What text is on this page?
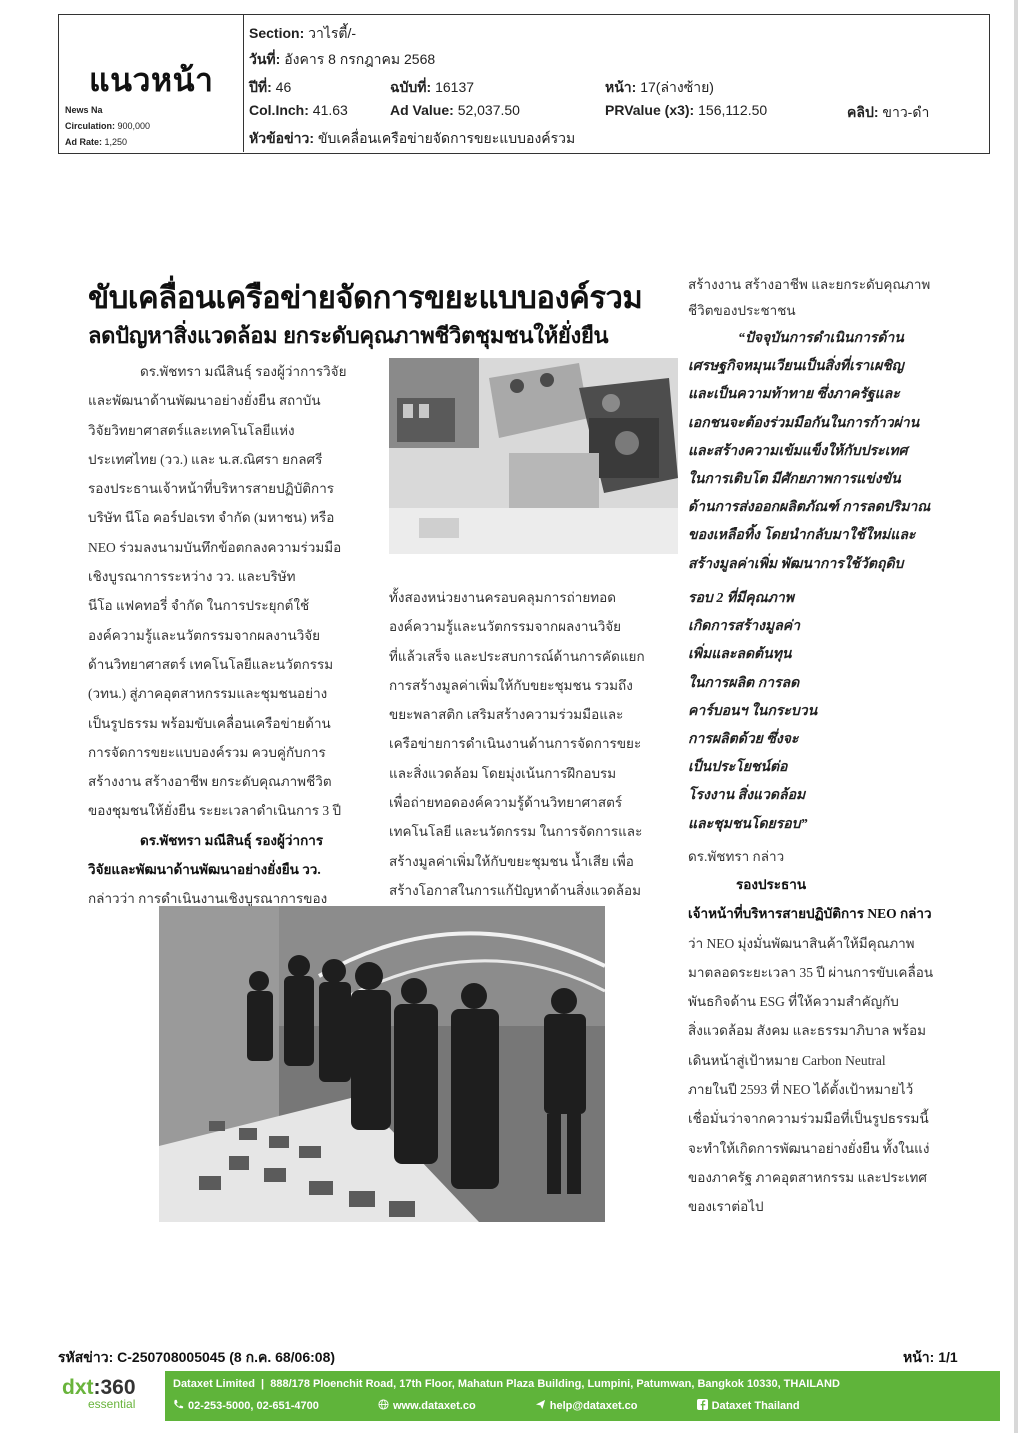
แนวหน้า
News Na
Circulation: 900,000
Ad Rate: 1,250
Section: วาไรตี้/-
วันที่: อังคาร 8 กรกฎาคม 2568
ปีที่: 46	ฉบับที่: 16137	หน้า: 17(ล่างซ้าย)
Col.Inch: 41.63	Ad Value: 52,037.50	PRValue (x3): 156,112.50	คลิป: ขาว-ดำ
หัวข้อข่าว: ขับเคลื่อนเครือข่ายจัดการขยะแบบองค์รวม
ขับเคลื่อนเครือข่ายจัดการขยะแบบองค์รวม
ลดปัญหาสิ่งแวดล้อม ยกระดับคุณภาพชีวิตชุมชนให้ยั่งยืน
ดร.พัชทรา มณีสินธุ์ รองผู้ว่าการวิจัย
และพัฒนาด้านพัฒนาอย่างยั่งยืน สถาบัน
วิจัยวิทยาศาสตร์และเทคโนโลยีแห่ง
ประเทศไทย (วว.) และ น.ส.ณิศรา ยกลศรี
รองประธานเจ้าหน้าที่บริหารสายปฏิบัติการ
บริษัท นีโอ คอร์ปอเรท จำกัด (มหาชน) หรือ
NEO ร่วมลงนามบันทึกข้อตกลงความร่วมมือ
เชิงบูรณาการระหว่าง วว. และบริษัท
นีโอ แฟคทอรี่ จำกัด ในการประยุกต์ใช้
องค์ความรู้และนวัตกรรมจากผลงานวิจัย
ด้านวิทยาศาสตร์ เทคโนโลยีและนวัตกรรม
(วทน.) สู่ภาคอุตสาหกรรมและชุมชนอย่าง
เป็นรูปธรรม พร้อมขับเคลื่อนเครือข่ายด้าน
การจัดการขยะแบบองค์รวม ควบคู่กับการ
สร้างงาน สร้างอาชีพ ยกระดับคุณภาพชีวิต
ของชุมชนให้ยั่งยืน ระยะเวลาดำเนินการ 3 ปี
ดร.พัชทรา มณีสินธุ์ รองผู้ว่าการ
วิจัยและพัฒนาด้านพัฒนาอย่างยั่งยืน วว.
กล่าวว่า การดำเนินงานเชิงบูรณาการของ
ทั้งสองหน่วยงานครอบคลุมการถ่ายทอด
องค์ความรู้และนวัตกรรมจากผลงานวิจัย
ที่แล้วเสร็จ และประสบการณ์ด้านการคัดแยก
การสร้างมูลค่าเพิ่มให้กับขยะชุมชน รวมถึง
ขยะพลาสติก เสริมสร้างความร่วมมือและ
เครือข่ายการดำเนินงานด้านการจัดการขยะ
และสิ่งแวดล้อม โดยมุ่งเน้นการฝึกอบรม
เพื่อถ่ายทอดองค์ความรู้ด้านวิทยาศาสตร์
เทคโนโลยี และนวัตกรรม ในการจัดการและ
สร้างมูลค่าเพิ่มให้กับขยะชุมชน น้ำเสีย เพื่อ
สร้างโอกาสในการแก้ปัญหาด้านสิ่งแวดล้อม
สร้างงาน สร้างอาชีพ และยกระดับคุณภาพ
ชีวิตของประชาชน
“ปัจจุบันการดำเนินการด้าน
เศรษฐกิจหมุนเวียนเป็นสิ่งที่เราเผชิญ
และเป็นความท้าทาย ซึ่งภาครัฐและ
เอกชนจะต้องร่วมมือกันในการก้าวผ่าน
และสร้างความเข้มแข็งให้กับประเทศ
ในการเติบโต มีศักยภาพการแข่งขัน
ด้านการส่งออกผลิตภัณฑ์ การลดปริมาณ
ของเหลือทิ้ง โดยนำกลับมาใช้ใหม่และ
สร้างมูลค่าเพิ่ม พัฒนาการใช้วัตถุดิบ
รอบ 2 ที่มีคุณภาพ
เกิดการสร้างมูลค่า
เพิ่มและลดต้นทุน
ในการผลิต การลด
คาร์บอนฯ ในกระบวน
การผลิตด้วย ซึ่งจะ
เป็นประโยชน์ต่อ
โรงงาน สิ่งแวดล้อม
และชุมชนโดยรอบ”
ดร.พัชทรา กล่าว
รองประธาน
เจ้าหน้าที่บริหารสายปฏิบัติการ NEO กล่าว
ว่า NEO มุ่งมั่นพัฒนาสินค้าให้มีคุณภาพ
มาตลอดระยะเวลา 35 ปี ผ่านการขับเคลื่อน
พันธกิจด้าน ESG ที่ให้ความสำคัญกับ
สิ่งแวดล้อม สังคม และธรรมาภิบาล พร้อม
เดินหน้าสู่เป้าหมาย Carbon Neutral
ภายในปี 2593 ที่ NEO ได้ตั้งเป้าหมายไว้
เชื่อมั่นว่าจากความร่วมมือที่เป็นรูปธรรมนี้
จะทำให้เกิดการพัฒนาอย่างยั่งยืน ทั้งในแง่
ของภาครัฐ ภาคอุตสาหกรรม และประเทศ
ของเราต่อไป
รหัสข่าว: C-250708005045 (8 ก.ค. 68/06:08)	หน้า: 1/1
dxt:360
essential
Dataxet Limited  |  888/178 Ploenchit Road, 17th Floor, Mahatun Plaza Building, Lumpini, Patumwan, Bangkok 10330, THAILAND
02-253-5000, 02-651-4700	www.dataxet.co	help@dataxet.co	Dataxet Thailand
